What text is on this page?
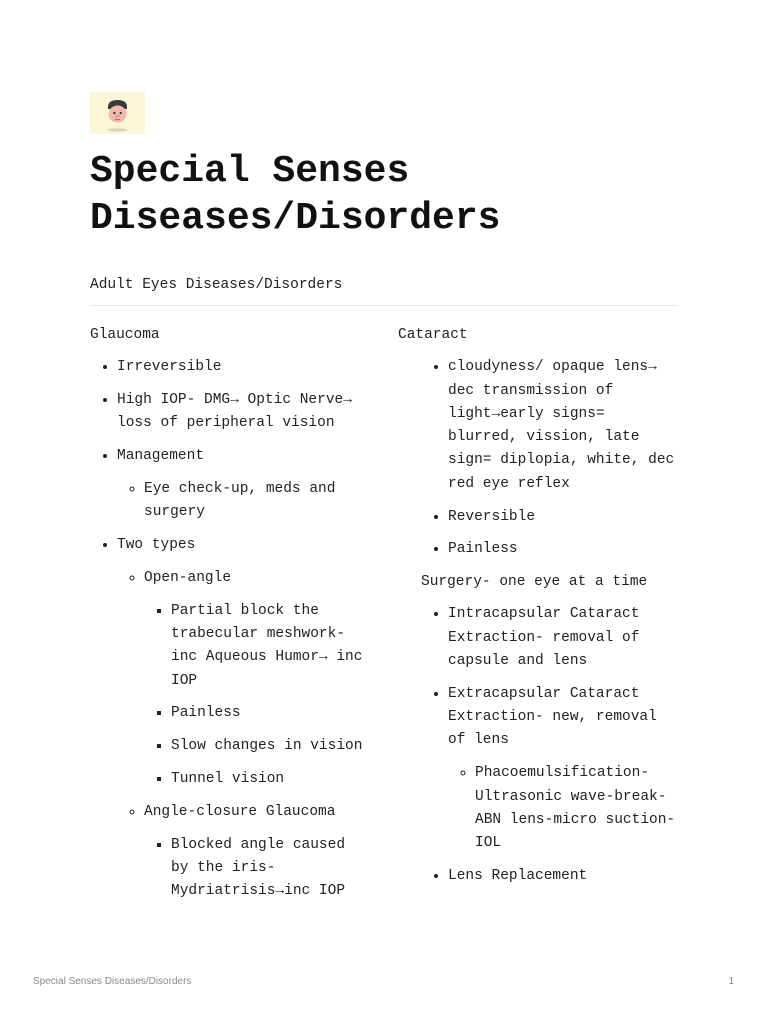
Special Senses
Diseases/Disorders

Adult Eyes Diseases/Disorders

Glaucoma

• Irreversible
• High IOP- DMG→ Optic Nerve→ loss of peripheral vision
• Management
◦ Eye check-up, meds and surgery
• Two types
◦ Open-angle
▪ Partial block the trabecular meshwork- inc Aqueous Humor→ inc IOP
▪ Painless
▪ Slow changes in vision
▪ Tunnel vision
◦ Angle-closure Glaucoma
▪ Blocked angle caused by the iris- Mydriatrisis→inc IOP

Cataract

• cloudyness/ opaque lens→ dec transmission of light→early signs= blurred, vission, late sign= diplopia, white, dec red eye reflex
• Reversible
• Painless

Surgery- one eye at a time

• Intracapsular Cataract Extraction- removal of capsule and lens
• Extracapsular Cataract Extraction- new, removal of lens
◦ Phacoemulsification- Ultrasonic wave-break- ABN lens-micro suction- IOL
• Lens Replacement
Special Senses Diseases/Disorders	1
